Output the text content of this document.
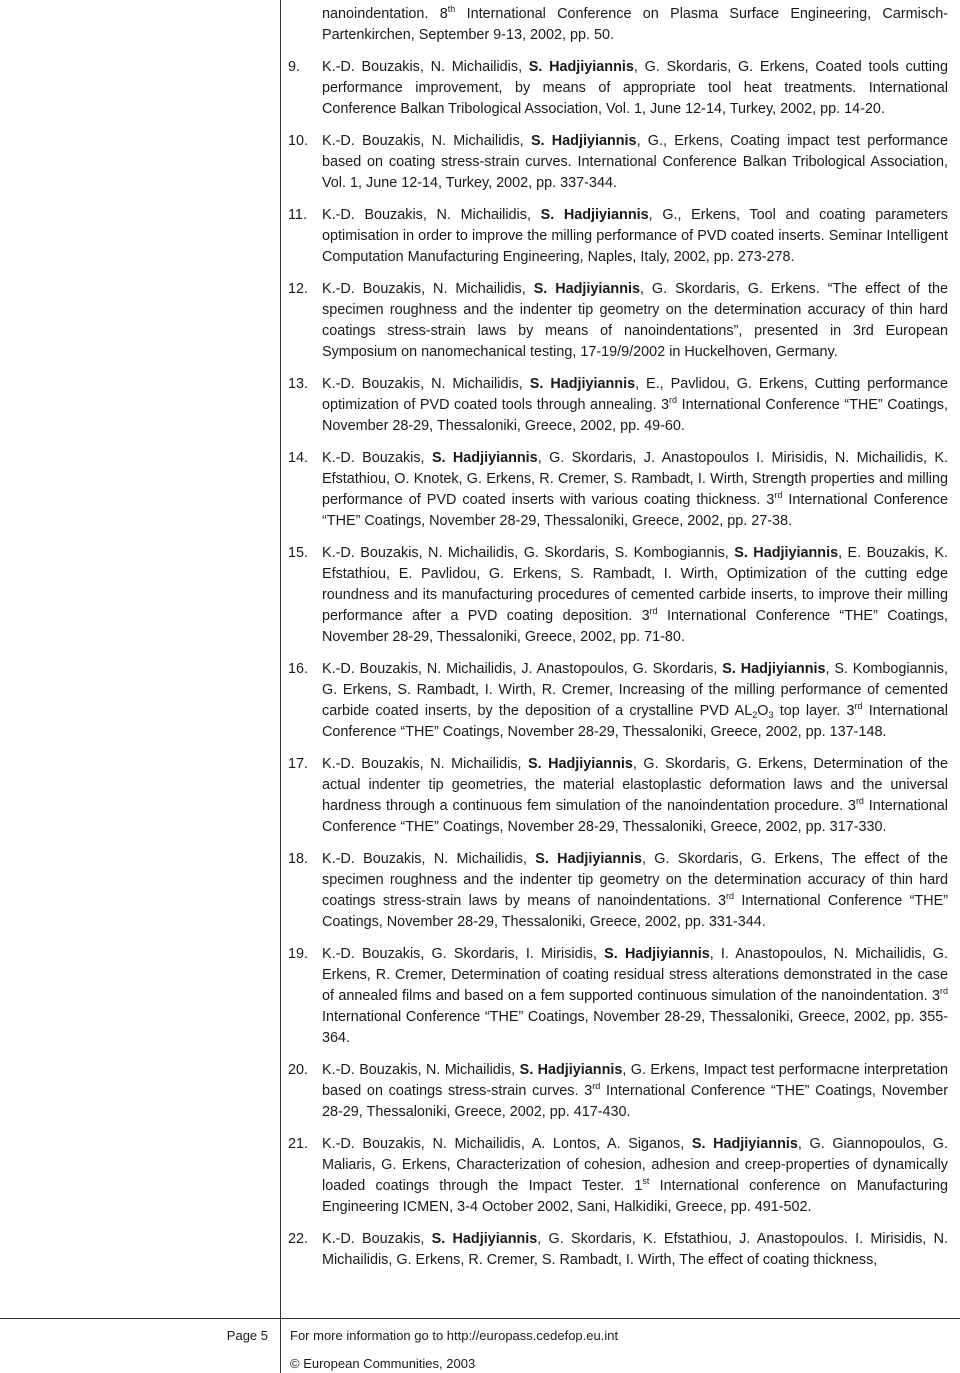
nanoindentation. 8th International Conference on Plasma Surface Engineering, Carmisch-Partenkirchen, September 9-13, 2002, pp. 50.
9. K.-D. Bouzakis, N. Michailidis, S. Hadjiyiannis, G. Skordaris, G. Erkens, Coated tools cutting performance improvement, by means of appropriate tool heat treatments. International Conference Balkan Tribological Association, Vol. 1, June 12-14, Turkey, 2002, pp. 14-20.
10. K.-D. Bouzakis, N. Michailidis, S. Hadjiyiannis, G., Erkens, Coating impact test performance based on coating stress-strain curves. International Conference Balkan Tribological Association, Vol. 1, June 12-14, Turkey, 2002, pp. 337-344.
11. K.-D. Bouzakis, N. Michailidis, S. Hadjiyiannis, G., Erkens, Tool and coating parameters optimisation in order to improve the milling performance of PVD coated inserts. Seminar Intelligent Computation Manufacturing Engineering, Naples, Italy, 2002, pp. 273-278.
12. K.-D. Bouzakis, N. Michailidis, S. Hadjiyiannis, G. Skordaris, G. Erkens. “The effect of the specimen roughness and the indenter tip geometry on the determination accuracy of thin hard coatings stress-strain laws by means of nanoindentations”, presented in 3rd European Symposium on nanomechanical testing, 17-19/9/2002 in Huckelhoven, Germany.
13. K.-D. Bouzakis, N. Michailidis, S. Hadjiyiannis, E., Pavlidou, G. Erkens, Cutting performance optimization of PVD coated tools through annealing. 3rd International Conference “THE” Coatings, November 28-29, Thessaloniki, Greece, 2002, pp. 49-60.
14. K.-D. Bouzakis, S. Hadjiyiannis, G. Skordaris, J. Anastopoulos I. Mirisidis, N. Michailidis, K. Efstathiou, O. Knotek, G. Erkens, R. Cremer, S. Rambadt, I. Wirth, Strength properties and milling performance of PVD coated inserts with various coating thickness. 3rd International Conference “THE” Coatings, November 28-29, Thessaloniki, Greece, 2002, pp. 27-38.
15. K.-D. Bouzakis, N. Michailidis, G. Skordaris, S. Kombogiannis, S. Hadjiyiannis, E. Bouzakis, K. Efstathiou, E. Pavlidou, G. Erkens, S. Rambadt, I. Wirth, Optimization of the cutting edge roundness and its manufacturing procedures of cemented carbide inserts, to improve their milling performance after a PVD coating deposition. 3rd International Conference “THE” Coatings, November 28-29, Thessaloniki, Greece, 2002, pp. 71-80.
16. K.-D. Bouzakis, N. Michailidis, J. Anastopoulos, G. Skordaris, S. Hadjiyiannis, S. Kombogiannis, G. Erkens, S. Rambadt, I. Wirth, R. Cremer, Increasing of the milling performance of cemented carbide coated inserts, by the deposition of a crystalline PVD $AL_2O_3$ top layer. 3rd International Conference “THE” Coatings, November 28-29, Thessaloniki, Greece, 2002, pp. 137-148.
17. K.-D. Bouzakis, N. Michailidis, S. Hadjiyiannis, G. Skordaris, G. Erkens, Determination of the actual indenter tip geometries, the material elastoplastic deformation laws and the universal hardness through a continuous fem simulation of the nanoindentation procedure. 3rd International Conference “THE” Coatings, November 28-29, Thessaloniki, Greece, 2002, pp. 317-330.
18. K.-D. Bouzakis, N. Michailidis, S. Hadjiyiannis, G. Skordaris, G. Erkens, The effect of the specimen roughness and the indenter tip geometry on the determination accuracy of thin hard coatings stress-strain laws by means of nanoindentations. 3rd International Conference “THE” Coatings, November 28-29, Thessaloniki, Greece, 2002, pp. 331-344.
19. K.-D. Bouzakis, G. Skordaris, I. Mirisidis, S. Hadjiyiannis, I. Anastopoulos, N. Michailidis, G. Erkens, R. Cremer, Determination of coating residual stress alterations demonstrated in the case of annealed films and based on a fem supported continuous simulation of the nanoindentation. 3rd International Conference “THE” Coatings, November 28-29, Thessaloniki, Greece, 2002, pp. 355-364.
20. K.-D. Bouzakis, N. Michailidis, S. Hadjiyiannis, G. Erkens, Impact test performacne interpretation based on coatings stress-strain curves. 3rd International Conference “THE” Coatings, November 28-29, Thessaloniki, Greece, 2002, pp. 417-430.
21. K.-D. Bouzakis, N. Michailidis, A. Lontos, A. Siganos, S. Hadjiyiannis, G. Giannopoulos, G. Maliaris, G. Erkens, Characterization of cohesion, adhesion and creep-properties of dynamically loaded coatings through the Impact Tester. 1st International conference on Manufacturing Engineering ICMEN, 3-4 October 2002, Sani, Halkidiki, Greece, pp. 491-502.
22. K.-D. Bouzakis, S. Hadjiyiannis, G. Skordaris, K. Efstathiou, J. Anastopoulos. I. Mirisidis, N. Michailidis, G. Erkens, R. Cremer, S. Rambadt, I. Wirth, The effect of coating thickness,
Page 5 For more information go to http://europass.cedefop.eu.int
© European Communities, 2003
